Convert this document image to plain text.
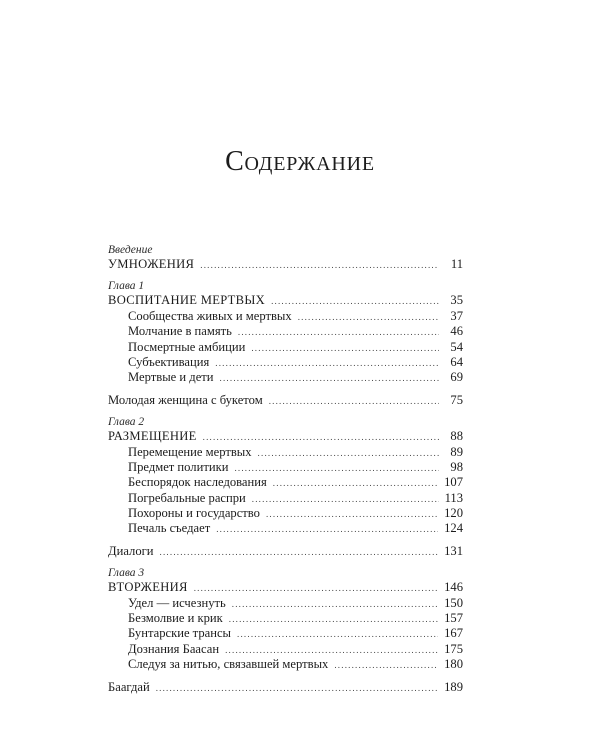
Содержание
Введение
УМНОЖЕНИЯ .....	11
Глава 1
ВОСПИТАНИЕ МЕРТВЫХ .....	35
Сообщества живых и мертвых .....	37
Молчание в память .....	46
Посмертные амбиции .....	54
Субъективация .....	64
Мертвые и дети .....	69
Молодая женщина с букетом .....	75
Глава 2
РАЗМЕЩЕНИЕ .....	88
Перемещение мертвых .....	89
Предмет политики .....	98
Беспорядок наследования .....	107
Погребальные распри .....	113
Похороны и государство .....	120
Печаль съедает .....	124
Диалоги .....	131
Глава 3
ВТОРЖЕНИЯ .....	146
Удел — исчезнуть .....	150
Безмолвие и крик .....	157
Бунтарские трансы .....	167
Дознания Баасан .....	175
Следуя за нитью, связавшей мертвых .....	180
Баагдай .....	189
